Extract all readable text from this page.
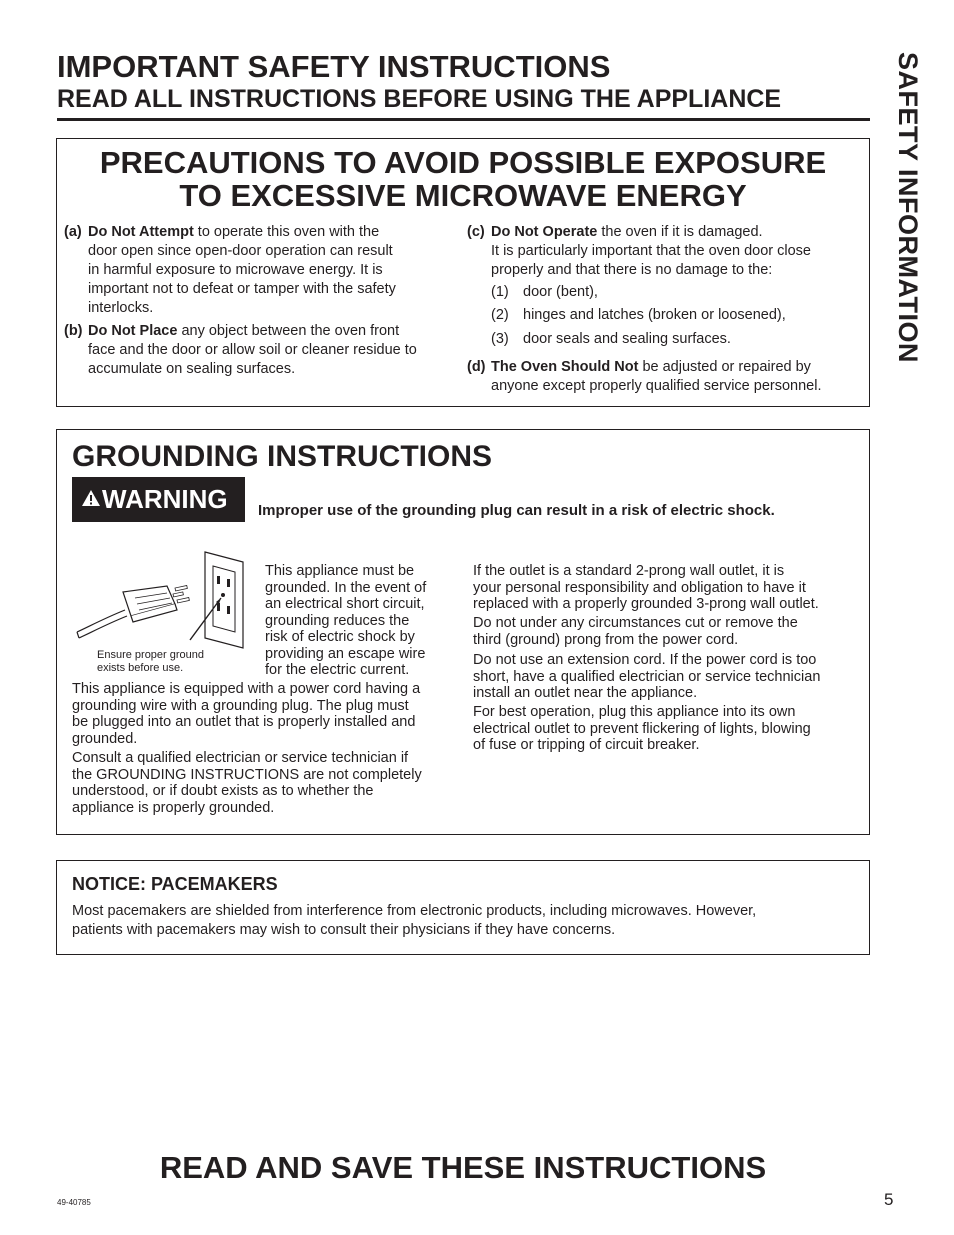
IMPORTANT SAFETY INSTRUCTIONS
READ ALL INSTRUCTIONS BEFORE USING THE APPLIANCE	SAFETY INFORMATION
PRECAUTIONS TO AVOID POSSIBLE EXPOSURE
TO EXCESSIVE MICROWAVE ENERGY
(a) Do Not Attempt to operate this oven with the
door open since open-door operation can result
in harmful exposure to microwave energy. It is
important not to defeat or tamper with the safety
interlocks.
(b) Do Not Place any object between the oven front
face and the door or allow soil or cleaner residue to
accumulate on sealing surfaces.
(c) Do Not Operate the oven if it is damaged.
It is particularly important that the oven door close
properly and that there is no damage to the:
(1) door (bent),
(2) hinges and latches (broken or loosened),
(3) door seals and sealing surfaces.
(d) The Oven Should Not be adjusted or repaired by
anyone except properly qualified service personnel.
GROUNDING INSTRUCTIONS
WARNING	Improper use of the grounding plug can result in a risk of electric shock.
Ensure proper ground
exists before use.
This appliance must be
grounded. In the event of
an electrical short circuit,
grounding reduces the
risk of electric shock by
providing an escape wire
for the electric current.
This appliance is equipped with a power cord having a
grounding wire with a grounding plug. The plug must
be plugged into an outlet that is properly installed and
grounded.
Consult a qualified electrician or service technician if
the GROUNDING INSTRUCTIONS are not completely
understood, or if doubt exists as to whether the
appliance is properly grounded.
If the outlet is a standard 2-prong wall outlet, it is
your personal responsibility and obligation to have it
replaced with a properly grounded 3-prong wall outlet.
Do not under any circumstances cut or remove the
third (ground) prong from the power cord.
Do not use an extension cord. If the power cord is too
short, have a qualified electrician or service technician
install an outlet near the appliance.
For best operation, plug this appliance into its own
electrical outlet to prevent flickering of lights, blowing
of fuse or tripping of circuit breaker.
NOTICE: PACEMAKERS
Most pacemakers are shielded from interference from electronic products, including microwaves. However,
patients with pacemakers may wish to consult their physicians if they have concerns.
READ AND SAVE THESE INSTRUCTIONS
49-40785	5
